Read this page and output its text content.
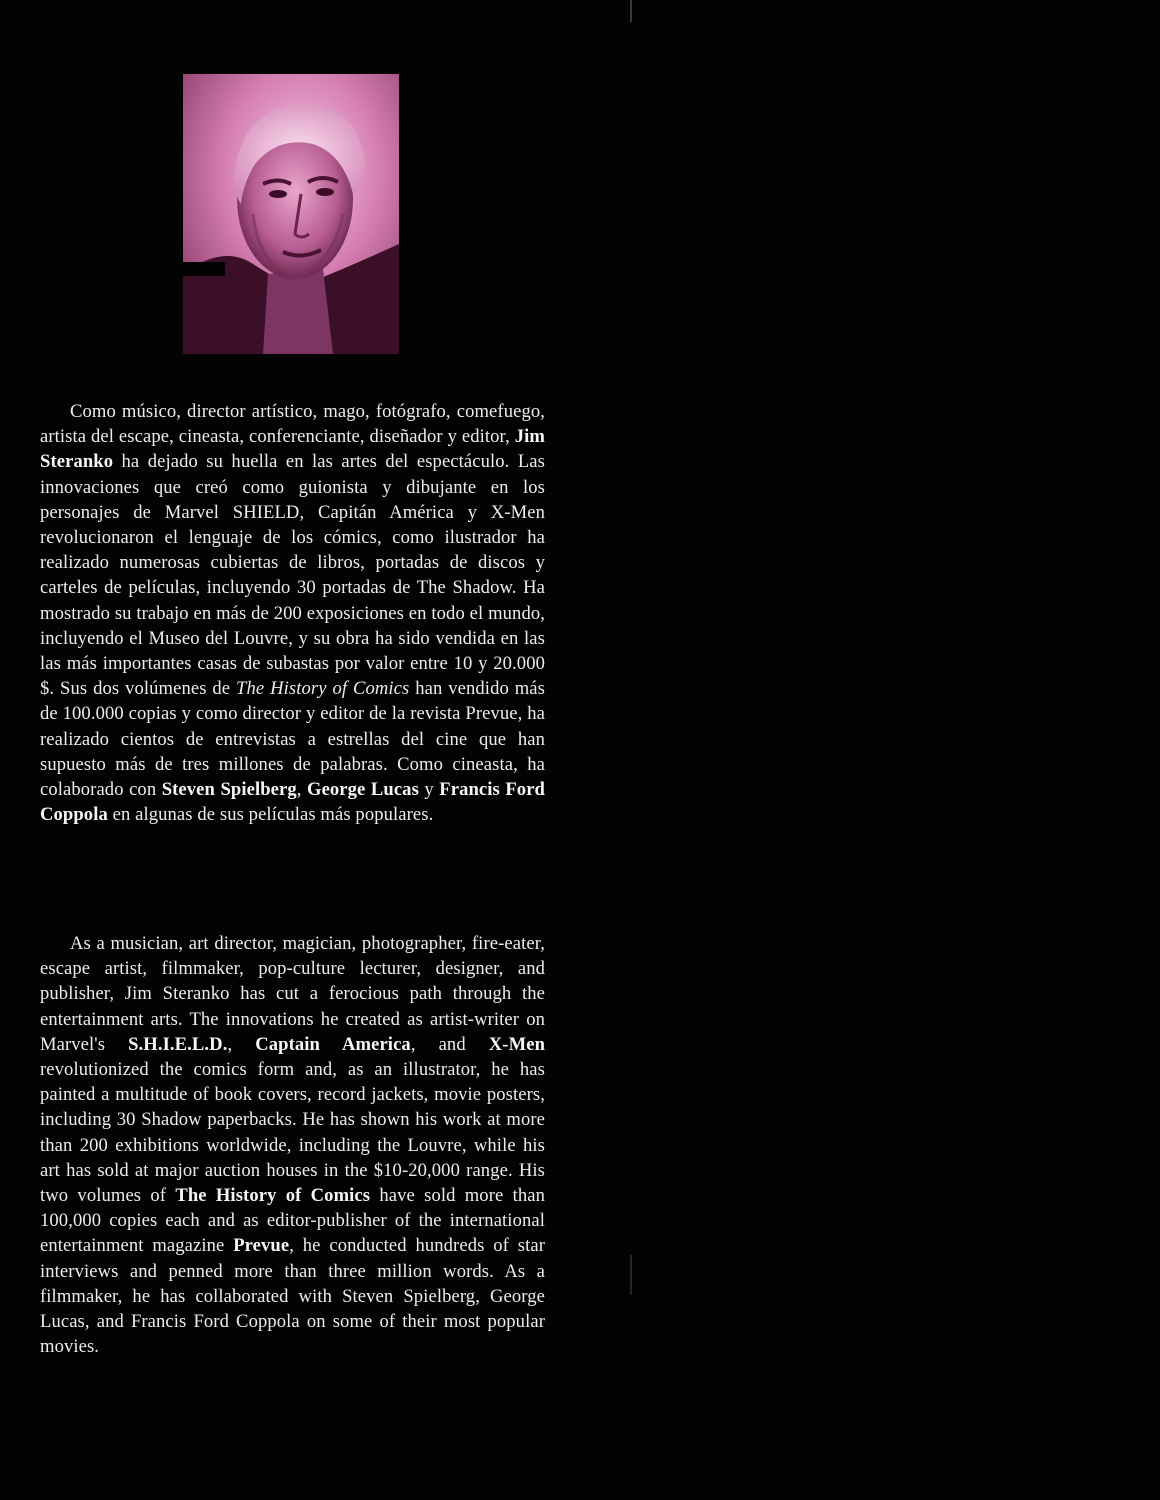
Como músico, director artístico, mago, fotógrafo, comefuego, artista del escape, cineasta, conferenciante, diseñador y editor, Jim Steranko ha dejado su huella en las artes del espectáculo. Las innovaciones que creó como guionista y dibujante en los personajes de Marvel SHIELD, Capitán América y X-Men revolucionaron el lenguaje de los cómics, como ilustrador ha realizado numerosas cubiertas de libros, portadas de discos y carteles de películas, incluyendo 30 portadas de The Shadow. Ha mostrado su trabajo en más de 200 exposiciones en todo el mundo, incluyendo el Museo del Louvre, y su obra ha sido vendida en las las más importantes casas de subastas por valor entre 10 y 20.000 $. Sus dos volúmenes de The History of Comics han vendido más de 100.000 copias y como director y editor de la revista Prevue, ha realizado cientos de entrevistas a estrellas del cine que han supuesto más de tres millones de palabras. Como cineasta, ha colaborado con Steven Spielberg, George Lucas y Francis Ford Coppola en algunas de sus películas más populares.

As a musician, art director, magician, photographer, fire-eater, escape artist, filmmaker, pop-culture lecturer, designer, and publisher, Jim Steranko has cut a ferocious path through the entertainment arts. The innovations he created as artist-writer on Marvel's S.H.I.E.L.D., Captain America, and X-Men revolutionized the comics form and, as an illustrator, he has painted a multitude of book covers, record jackets, movie posters, including 30 Shadow paperbacks. He has shown his work at more than 200 exhibitions worldwide, including the Louvre, while his art has sold at major auction houses in the $10-20,000 range. His two volumes of The History of Comics have sold more than 100,000 copies each and as editor-publisher of the international entertainment magazine Prevue, he conducted hundreds of star interviews and penned more than three million words. As a filmmaker, he has collaborated with Steven Spielberg, George Lucas, and Francis Ford Coppola on some of their most popular movies.
